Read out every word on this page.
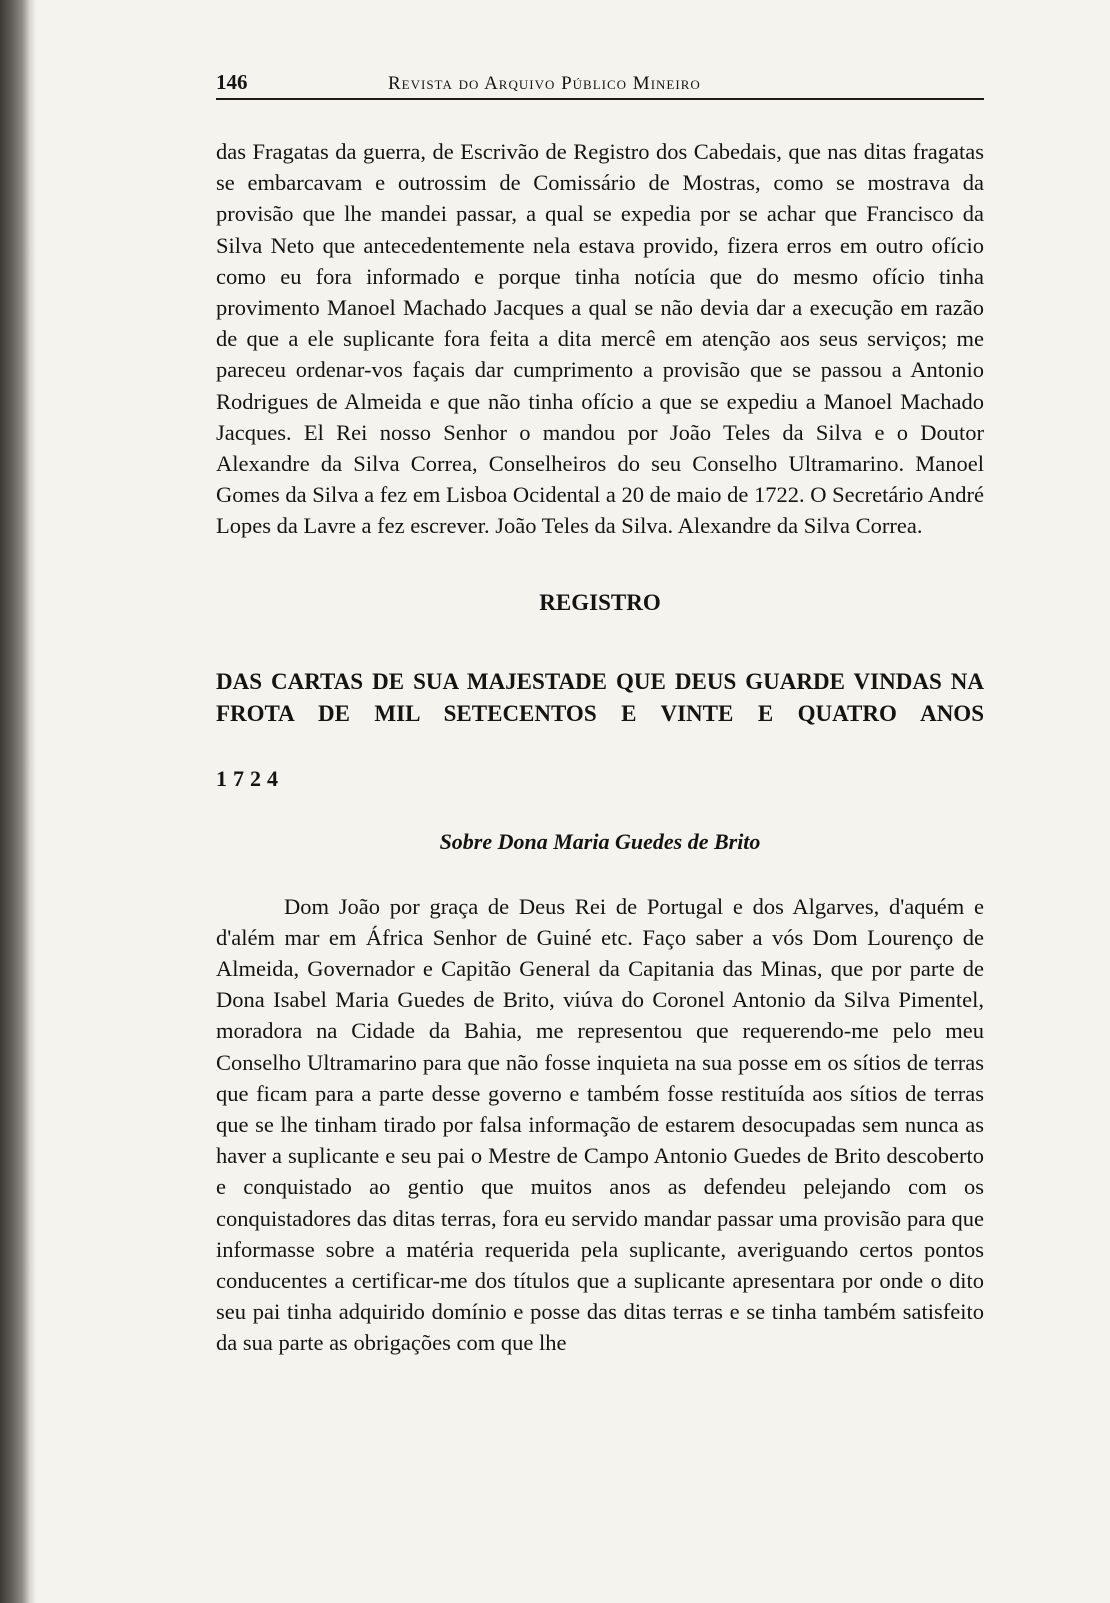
146	Revista do Arquivo Público Mineiro

das Fragatas da guerra, de Escrivão de Registro dos Cabedais, que nas ditas fragatas se embarcavam e outrossim de Comissário de Mostras, como se mostrava da provisão que lhe mandei passar, a qual se expedia por se achar que Francisco da Silva Neto que antecedentemente nela estava provido, fizera erros em outro ofício como eu fora informado e porque tinha notícia que do mesmo ofício tinha provimento Manoel Machado Jacques a qual se não devia dar a execução em razão de que a ele suplicante fora feita a dita mercê em atenção aos seus serviços; me pareceu ordenar-vos façais dar cumprimento a provisão que se passou a Antonio Rodrigues de Almeida e que não tinha ofício a que se expediu a Manoel Machado Jacques. El Rei nosso Senhor o mandou por João Teles da Silva e o Doutor Alexandre da Silva Correa, Conselheiros do seu Conselho Ultramarino. Manoel Gomes da Silva a fez em Lisboa Ocidental a 20 de maio de 1722. O Secretário André Lopes da Lavre a fez escrever. João Teles da Silva. Alexandre da Silva Correa.

REGISTRO

DAS CARTAS DE SUA MAJESTADE QUE DEUS GUARDE VINDAS NA FROTA DE MIL SETECENTOS E VINTE E QUATRO ANOS

1724

Sobre Dona Maria Guedes de Brito

Dom João por graça de Deus Rei de Portugal e dos Algarves, d'aquém e d'além mar em África Senhor de Guiné etc. Faço saber a vós Dom Lourenço de Almeida, Governador e Capitão General da Capitania das Minas, que por parte de Dona Isabel Maria Guedes de Brito, viúva do Coronel Antonio da Silva Pimentel, moradora na Cidade da Bahia, me representou que requerendo-me pelo meu Conselho Ultramarino para que não fosse inquieta na sua posse em os sítios de terras que ficam para a parte desse governo e também fosse restituída aos sítios de terras que se lhe tinham tirado por falsa informação de estarem desocupadas sem nunca as haver a suplicante e seu pai o Mestre de Campo Antonio Guedes de Brito descoberto e conquistado ao gentio que muitos anos as defendeu pelejando com os conquistadores das ditas terras, fora eu servido mandar passar uma provisão para que informasse sobre a matéria requerida pela suplicante, averiguando certos pontos conducentes a certificar-me dos títulos que a suplicante apresentara por onde o dito seu pai tinha adquirido domínio e posse das ditas terras e se tinha também satisfeito da sua parte as obrigações com que lhe
